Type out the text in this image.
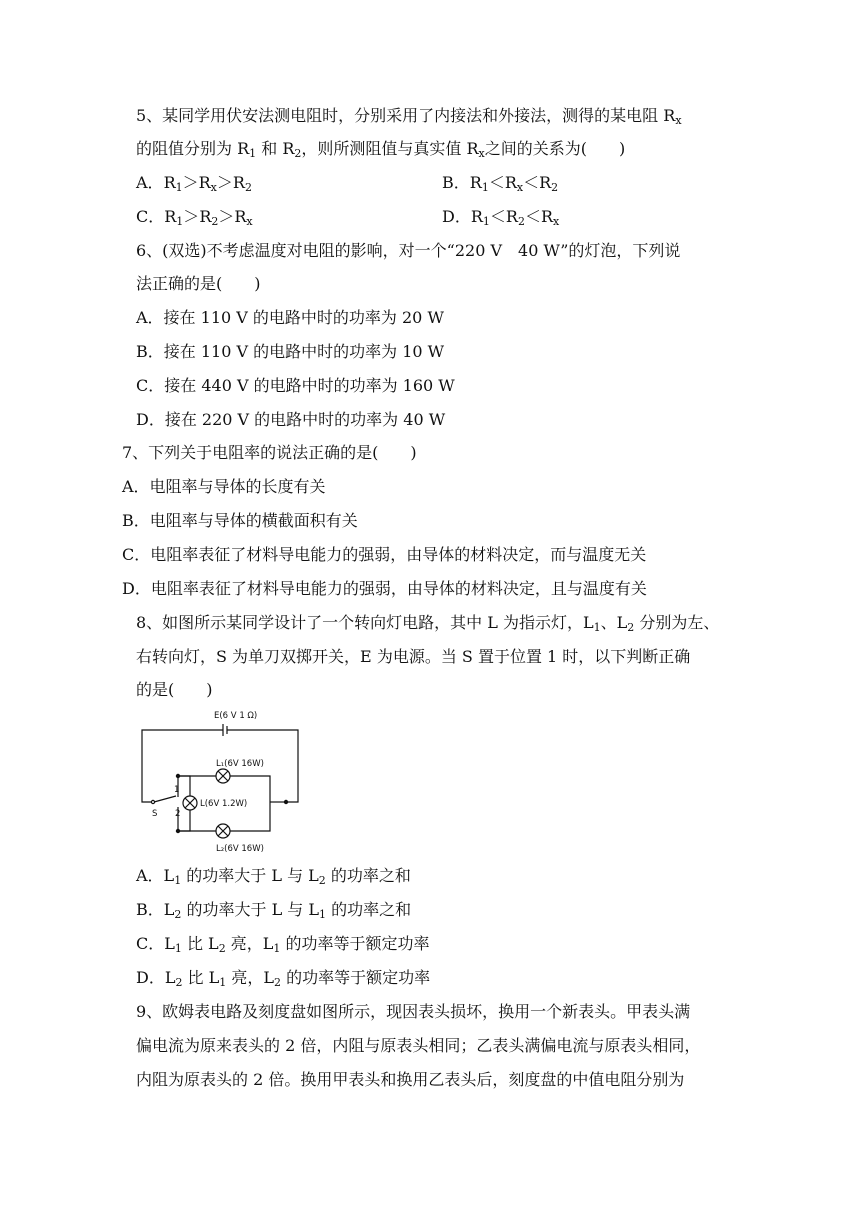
5、某同学用伏安法测电阻时，分别采用了内接法和外接法，测得的某电阻 $R_x$
的阻值分别为 $R_1$ 和 $R_2$，则所测阻值与真实值 $R_x$之间的关系为(　　)
A．$R_1>R_x>R_2$	B．$R_1<R_x<R_2$
C．$R_1>R_2>R_x$	D．$R_1<R_2<R_x$
6、(双选)不考虑温度对电阻的影响，对一个“220 V　40 W”的灯泡，下列说
法正确的是(　　)
A．接在 110 V 的电路中时的功率为 20 W
B．接在 110 V 的电路中时的功率为 10 W
C．接在 440 V 的电路中时的功率为 160 W
D．接在 220 V 的电路中时的功率为 40 W
7、下列关于电阻率的说法正确的是(　　)
A．电阻率与导体的长度有关
B．电阻率与导体的横截面积有关
C．电阻率表征了材料导电能力的强弱，由导体的材料决定，而与温度无关
D．电阻率表征了材料导电能力的强弱，由导体的材料决定，且与温度有关
8、如图所示某同学设计了一个转向灯电路，其中 L 为指示灯，$L_1$、$L_2$ 分别为左、
右转向灯，S 为单刀双掷开关，E 为电源。当 S 置于位置 1 时，以下判断正确
的是(　　)
E(6 V 1 Ω)
S
1
2
L₁(6V 16W)
L₂(6V 16W)
L(6V 1.2W)
A．$L_1$ 的功率大于 L 与 $L_2$ 的功率之和
B．$L_2$ 的功率大于 L 与 $L_1$ 的功率之和
C．$L_1$ 比 $L_2$ 亮，$L_1$ 的功率等于额定功率
D．$L_2$ 比 $L_1$ 亮，$L_2$ 的功率等于额定功率
9、欧姆表电路及刻度盘如图所示，现因表头损坏，换用一个新表头。甲表头满
偏电流为原来表头的 2 倍，内阻与原表头相同；乙表头满偏电流与原表头相同，
内阻为原表头的 2 倍。换用甲表头和换用乙表头后，刻度盘的中值电阻分别为
